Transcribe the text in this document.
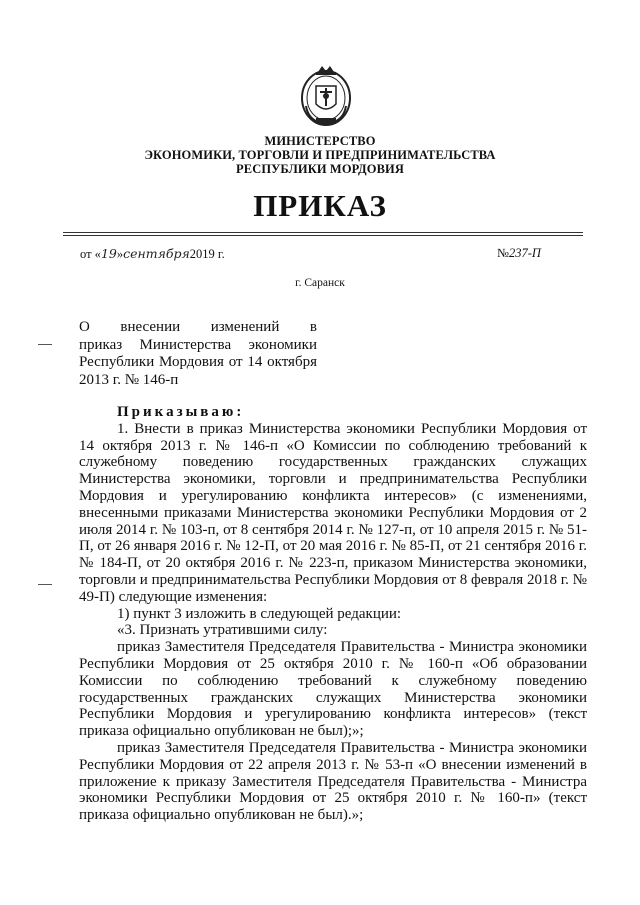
МИНИСТЕРСТВО
ЭКОНОМИКИ, ТОРГОВЛИ И ПРЕДПРИНИМАТЕЛЬСТВА
РЕСПУБЛИКИ МОРДОВИЯ
ПРИКАЗ
от «19»сентября2019 г.	№237-П
г. Саранск
О внесении изменений в
приказ Министерства экономики Республики Мордовия от 14 октября 2013 г. № 146-п

Приказываю:

1. Внести в приказ Министерства экономики Республики Мордовия от 14 октября 2013 г. № 146-п «О Комиссии по соблюдению требований к служебному поведению государственных гражданских служащих Министерства экономики, торговли и предпринимательства Республики Мордовия и урегулированию конфликта интересов» (с изменениями, внесенными приказами Министерства экономики Республики Мордовия от 2 июля 2014 г. № 103-п, от 8 сентября 2014 г. № 127-п, от 10 апреля 2015 г. № 51-П, от 26 января 2016 г. № 12-П, от 20 мая 2016 г. № 85-П, от 21 сентября 2016 г. № 184-П, от 20 октября 2016 г. № 223-п, приказом Министерства экономики, торговли и предпринимательства Республики Мордовия от 8 февраля 2018 г. № 49-П) следующие изменения:

1) пункт 3 изложить в следующей редакции:

«3. Признать утратившими силу:

приказ Заместителя Председателя Правительства - Министра экономики Республики Мордовия от 25 октября 2010 г. № 160-п «Об образовании Комиссии по соблюдению требований к служебному поведению государственных гражданских служащих Министерства экономики Республики Мордовия и урегулированию конфликта интересов» (текст приказа официально опубликован не был);»;

приказ Заместителя Председателя Правительства - Министра экономики Республики Мордовия от 22 апреля 2013 г. № 53-п «О внесении изменений в приложение к приказу Заместителя Председателя Правительства - Министра экономики Республики Мордовия от 25 октября 2010 г. № 160-п» (текст приказа официально опубликован не был).»;
